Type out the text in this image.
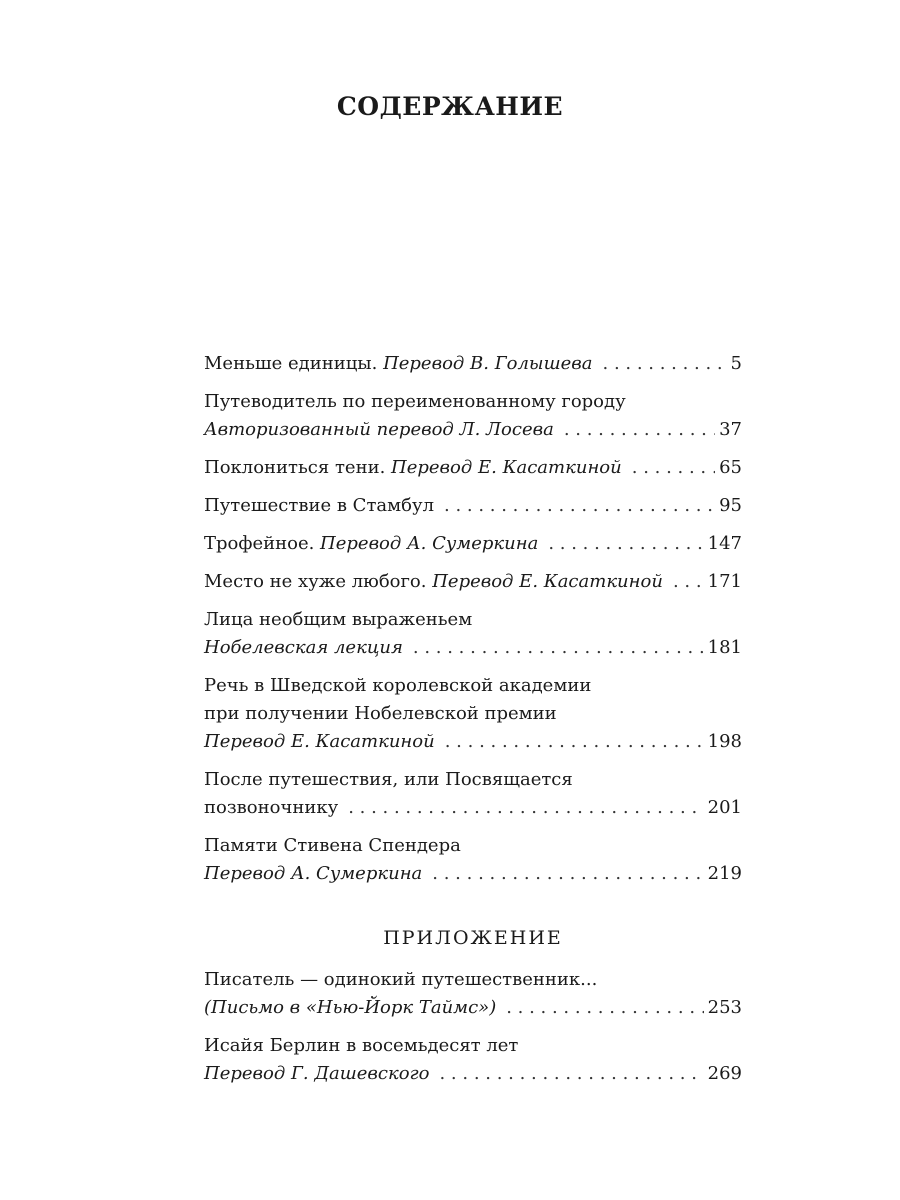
СОДЕРЖАНИЕ
Меньше единицы. Перевод В. Голышева . . .	5
Путеводитель по переименованному городу
Авторизованный перевод Л. Лосева . . .	37
Поклониться тени. Перевод Е. Касаткиной . . .	65
Путешествие в Стамбул . . .	95
Трофейное. Перевод А. Сумеркина . . .	147
Место не хуже любого. Перевод Е. Касаткиной . . . 171
Лица необщим выраженьем
Нобелевская лекция . . .	181
Речь в Шведской королевской академии
при получении Нобелевской премии
Перевод Е. Касаткиной . . .	198
После путешествия, или Посвящается
позвоночнику . . .	201
Памяти Стивена Спендера
Перевод А. Сумеркина . . .	219
ПРИЛОЖЕНИЕ
Писатель — одинокий путешественник...
(Письмо в «Нью-Йорк Таймс») . . .	253
Исайя Берлин в восемьдесят лет
Перевод Г. Дашевского . . .	269
